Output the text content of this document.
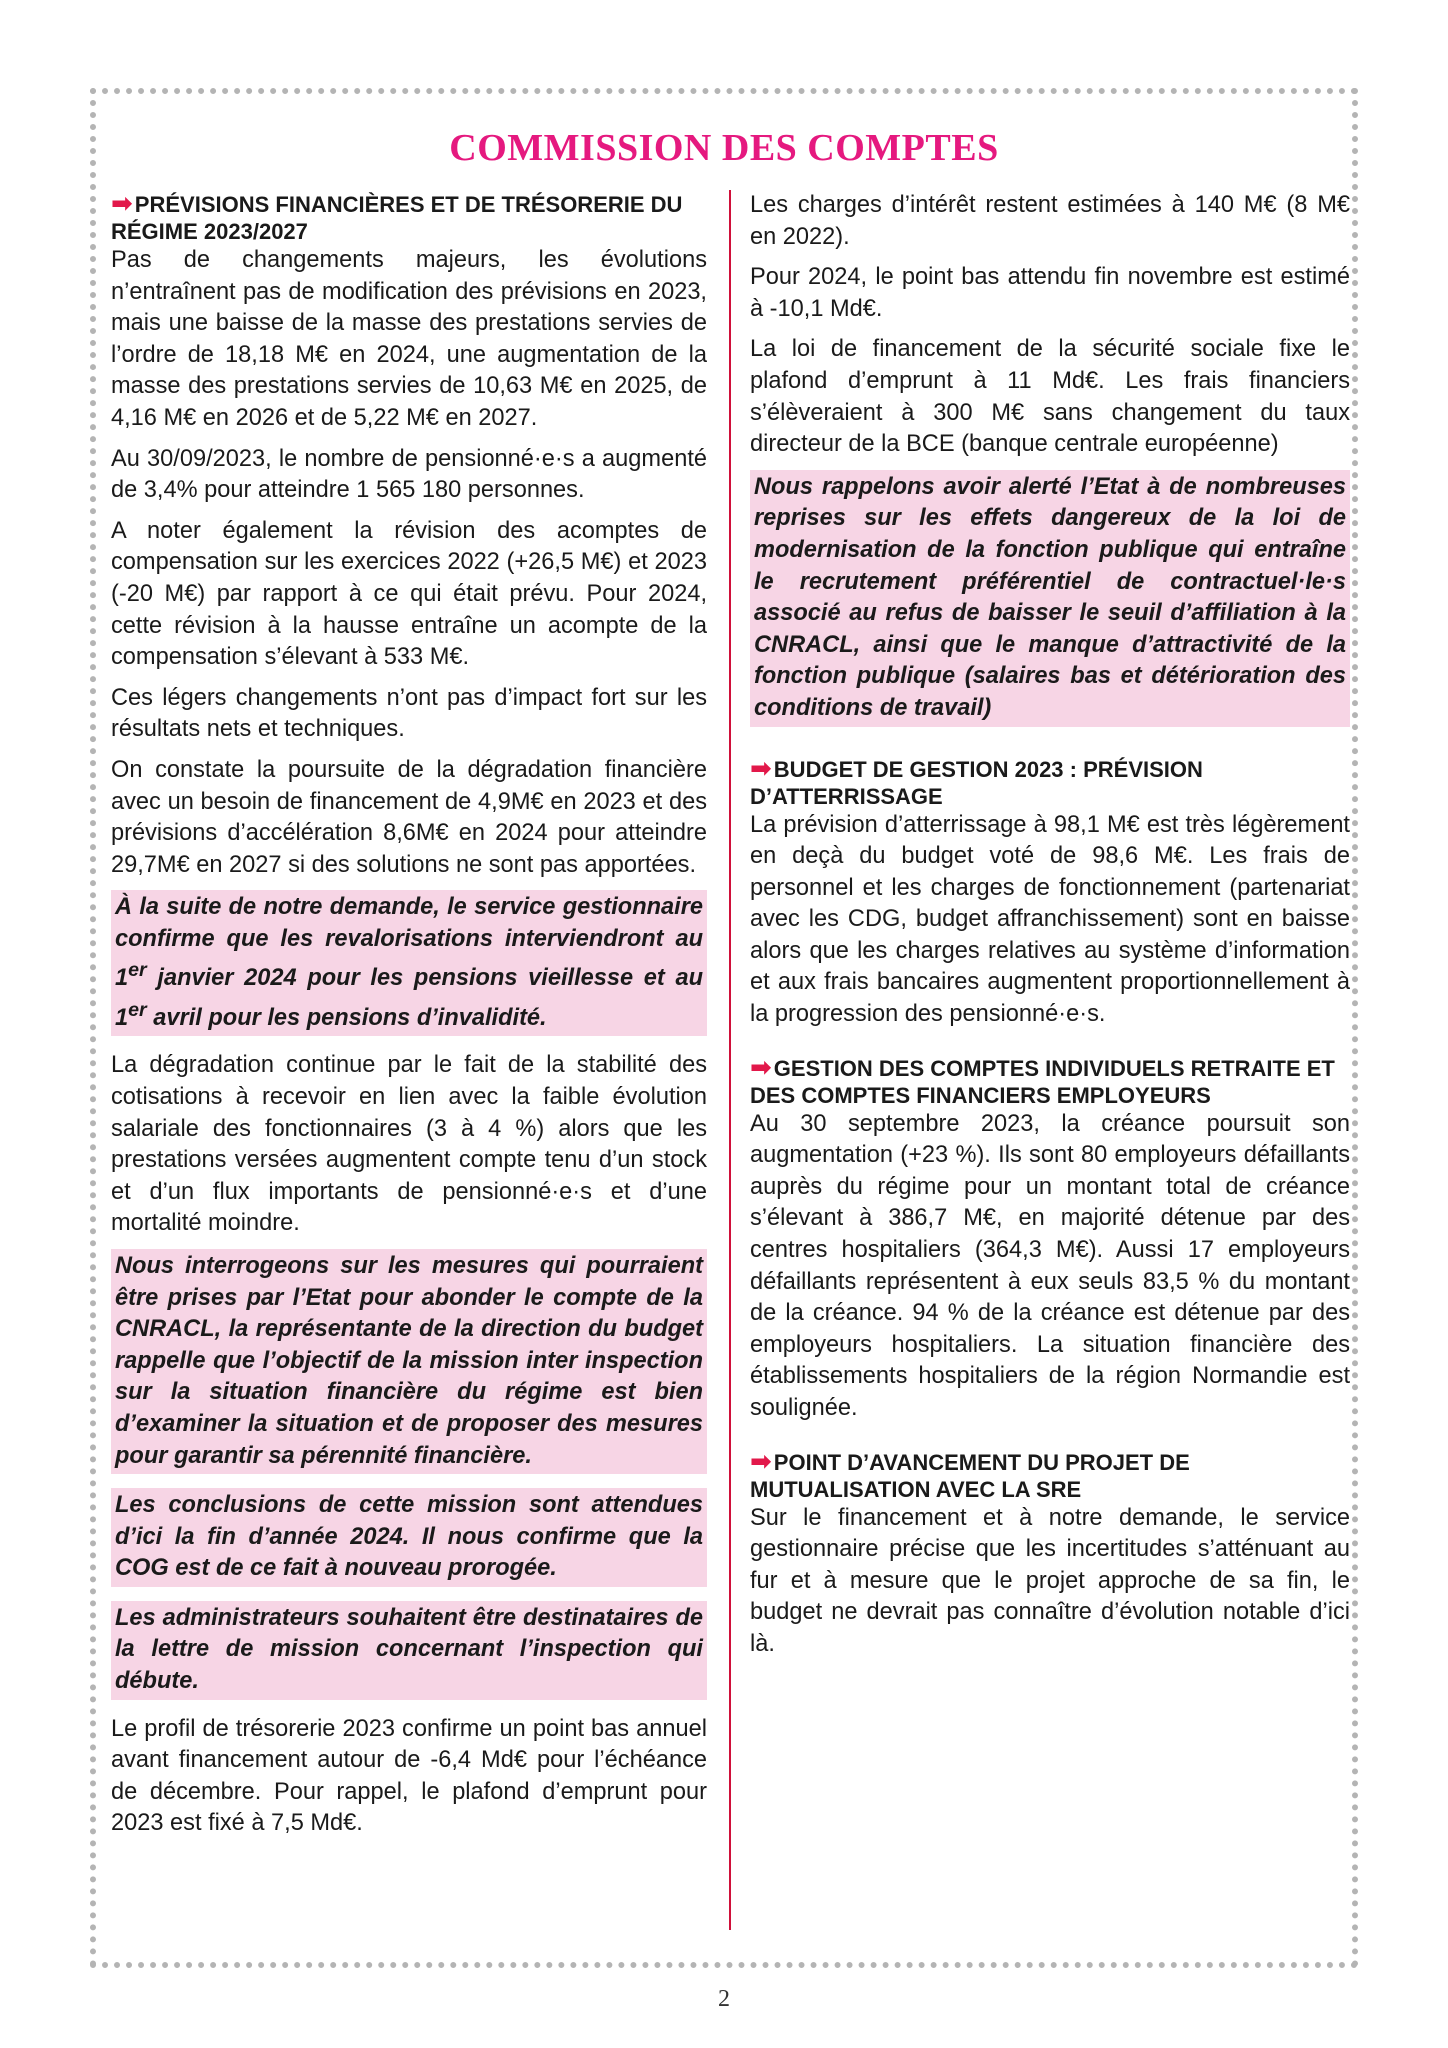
COMMISSION DES COMPTES
➡PRÉVISIONS FINANCIÈRES ET DE TRÉSORERIE DU RÉGIME 2023/2027

Pas de changements majeurs, les évolutions n’entraînent pas de modification des prévisions en 2023, mais une baisse de la masse des prestations servies de l’ordre de 18,18 M€ en 2024, une augmentation de la masse des prestations servies de 10,63 M€ en 2025, de 4,16 M€ en 2026 et de 5,22 M€ en 2027.

Au 30/09/2023, le nombre de pensionné·e·s a augmenté de 3,4% pour atteindre 1 565 180 personnes.

A noter également la révision des acomptes de compensation sur les exercices 2022 (+26,5 M€) et 2023 (-20 M€) par rapport à ce qui était prévu. Pour 2024, cette révision à la hausse entraîne un acompte de la compensation s’élevant à 533 M€.

Ces légers changements n’ont pas d’impact fort sur les résultats nets et techniques.

On constate la poursuite de la dégradation financière avec un besoin de financement de 4,9M€ en 2023 et des prévisions d’accélération 8,6M€ en 2024 pour atteindre 29,7M€ en 2027 si des solutions ne sont pas apportées.

À la suite de notre demande, le service gestionnaire confirme que les revalorisations interviendront au 1er janvier 2024 pour les pensions vieillesse et au 1er avril pour les pensions d’invalidité.

La dégradation continue par le fait de la stabilité des cotisations à recevoir en lien avec la faible évolution salariale des fonctionnaires (3 à 4 %) alors que les prestations versées augmentent compte tenu d’un stock et d’un flux importants de pensionné·e·s et d’une mortalité moindre.

Nous interrogeons sur les mesures qui pourraient être prises par l’Etat pour abonder le compte de la CNRACL, la représentante de la direction du budget rappelle que l’objectif de la mission inter inspection sur la situation financière du régime est bien d’examiner la situation et de proposer des mesures pour garantir sa pérennité financière.

Les conclusions de cette mission sont attendues d’ici la fin d’année 2024. Il nous confirme que la COG est de ce fait à nouveau prorogée.

Les administrateurs souhaitent être destinataires de la lettre de mission concernant l’inspection qui débute.

Le profil de trésorerie 2023 confirme un point bas annuel avant financement autour de -6,4 Md€ pour l’échéance de décembre. Pour rappel, le plafond d’emprunt pour 2023 est fixé à 7,5 Md€.

Les charges d’intérêt restent estimées à 140 M€ (8 M€ en 2022).

Pour 2024, le point bas attendu fin novembre est estimé à -10,1 Md€.

La loi de financement de la sécurité sociale fixe le plafond d’emprunt à 11 Md€. Les frais financiers s’élèveraient à 300 M€ sans changement du taux directeur de la BCE (banque centrale européenne)

Nous rappelons avoir alerté l’Etat à de nombreuses reprises sur les effets dangereux de la loi de modernisation de la fonction publique qui entraîne le recrutement préférentiel de contractuel·le·s associé au refus de baisser le seuil d’affiliation à la CNRACL, ainsi que le manque d’attractivité de la fonction publique (salaires bas et détérioration des conditions de travail)

➡BUDGET DE GESTION 2023 : PRÉVISION D’ATTERRISSAGE

La prévision d’atterrissage à 98,1 M€ est très légèrement en deçà du budget voté de 98,6 M€. Les frais de personnel et les charges de fonctionnement (partenariat avec les CDG, budget affranchissement) sont en baisse alors que les charges relatives au système d’information et aux frais bancaires augmentent proportionnellement à la progression des pensionné·e·s.

➡GESTION DES COMPTES INDIVIDUELS RETRAITE ET DES COMPTES FINANCIERS EMPLOYEURS

Au 30 septembre 2023, la créance poursuit son augmentation (+23 %). Ils sont 80 employeurs défaillants auprès du régime pour un montant total de créance s’élevant à 386,7 M€, en majorité détenue par des centres hospitaliers (364,3 M€). Aussi 17 employeurs défaillants représentent à eux seuls 83,5 % du montant de la créance. 94 % de la créance est détenue par des employeurs hospitaliers. La situation financière des établissements hospitaliers de la région Normandie est soulignée.

➡POINT D’AVANCEMENT DU PROJET DE MUTUALISATION AVEC LA SRE

Sur le financement et à notre demande, le service gestionnaire précise que les incertitudes s’atténuant au fur et à mesure que le projet approche de sa fin, le budget ne devrait pas connaître d’évolution notable d’ici là.

2
